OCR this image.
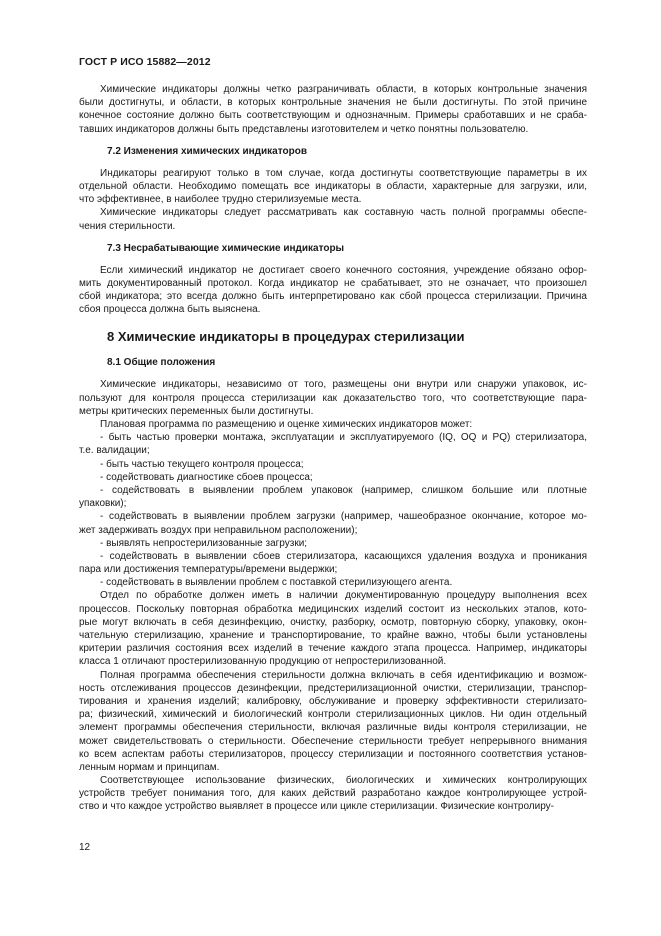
ГОСТ Р ИСО 15882—2012
Химические индикаторы должны четко разграничивать области, в которых контрольные значения
были достигнуты, и области, в которых контрольные значения не были достигнуты. По этой причине
конечное состояние должно быть соответствующим и однозначным. Примеры сработавших и не сраба-
тавших индикаторов должны быть представлены изготовителем и четко понятны пользователю.
7.2 Изменения химических индикаторов
Индикаторы реагируют только в том случае, когда достигнуты соответствующие параметры в их
отдельной области. Необходимо помещать все индикаторы в области, характерные для загрузки, или,
что эффективнее, в наиболее трудно стерилизуемые места.
Химические индикаторы следует рассматривать как составную часть полной программы обеспе-
чения стерильности.
7.3 Несрабатывающие химические индикаторы
Если химический индикатор не достигает своего конечного состояния, учреждение обязано офор-
мить документированный протокол. Когда индикатор не срабатывает, это не означает, что произошел
сбой индикатора; это всегда должно быть интерпретировано как сбой процесса стерилизации. Причина
сбоя процесса должна быть выяснена.
8 Химические индикаторы в процедурах стерилизации
8.1 Общие положения
Химические индикаторы, независимо от того, размещены они внутри или снаружи упаковок, ис-
пользуют для контроля процесса стерилизации как доказательство того, что соответствующие пара-
метры критических переменных были достигнуты.
Плановая программа по размещению и оценке химических индикаторов может:
- быть частью проверки монтажа, эксплуатации и эксплуатируемого (IQ, OQ и PQ) стерилизатора,
т.е. валидации;
- быть частью текущего контроля процесса;
- содействовать диагностике сбоев процесса;
- содействовать в выявлении проблем упаковок (например, слишком большие или плотные
упаковки);
- содействовать в выявлении проблем загрузки (например, чашеобразное окончание, которое мо-
жет задерживать воздух при неправильном расположении);
- выявлять непростерилизованные загрузки;
- содействовать в выявлении сбоев стерилизатора, касающихся удаления воздуха и проникания
пара или достижения температуры/времени выдержки;
- содействовать в выявлении проблем с поставкой стерилизующего агента.
Отдел по обработке должен иметь в наличии документированную процедуру выполнения всех
процессов. Поскольку повторная обработка медицинских изделий состоит из нескольких этапов, кото-
рые могут включать в себя дезинфекцию, очистку, разборку, осмотр, повторную сборку, упаковку, окон-
чательную стерилизацию, хранение и транспортирование, то крайне важно, чтобы были установлены
критерии различия состояния всех изделий в течение каждого этапа процесса. Например, индикаторы
класса 1 отличают простерилизованную продукцию от непростерилизованной.
Полная программа обеспечения стерильности должна включать в себя идентификацию и возмож-
ность отслеживания процессов дезинфекции, предстерилизационной очистки, стерилизации, транспор-
тирования и хранения изделий; калибровку, обслуживание и проверку эффективности стерилизато-
ра; физический, химический и биологический контроли стерилизационных циклов. Ни один отдельный
элемент программы обеспечения стерильности, включая различные виды контроля стерилизации, не
может свидетельствовать о стерильности. Обеспечение стерильности требует непрерывного внимания
ко всем аспектам работы стерилизаторов, процессу стерилизации и постоянного соответствия установ-
ленным нормам и принципам.
Соответствующее использование физических, биологических и химических контролирующих
устройств требует понимания того, для каких действий разработано каждое контролирующее устрой-
ство и что каждое устройство выявляет в процессе или цикле стерилизации. Физические контролиру-
12
